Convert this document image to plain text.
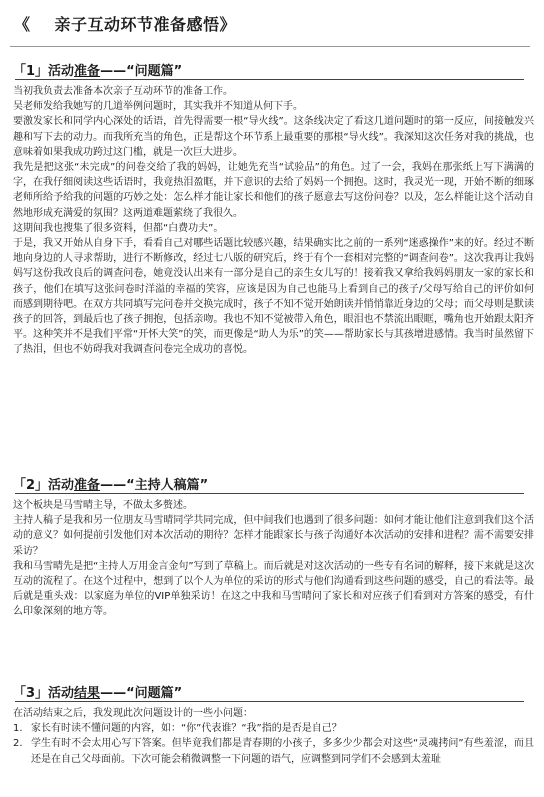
《 亲子互动环节准备感悟》
「1」活动准备——“问题篇”

当初我负责去准备本次亲子互动环节的准备工作。

吴老师发给我她写的几道举例问题时，其实我并不知道从何下手。

要激发家长和同学内心深处的话语，首先得需要一根“导火线”。这条线决定了看这几道问题时的第一反应，间接触发兴趣和写下去的动力。而我所充当的角色，正是帮这个环节系上最重要的那根“导火线”。我深知这次任务对我的挑战，也意味着如果我成功跨过这门槛，就是一次巨大进步。

我先是把这张“未完成”的问卷交给了我的妈妈，让她先充当“试验品”的角色。过了一会，我妈在那张纸上写下满满的字，在我仔细阅读这些话语时，我竟热泪盈眶，并下意识的去给了妈妈一个拥抱。这时，我灵光一现，开始不断的细琢老师所给予给我的问题的巧妙之处：怎么样才能让家长和他们的孩子愿意去写这份问卷？以及，怎么样能让这个活动自然地形成充满爱的氛围？这两道难题萦绕了我很久。

这期间我也搜集了很多资料，但都“白费功夫”。

于是，我又开始从自身下手，看看自己对哪些话题比较感兴趣，结果确实比之前的一系列“迷惑操作”来的好。经过不断地向身边的人寻求帮助，进行不断修改，经过七八版的研究后，终于有个一套相对完整的“调查问卷”。这次我再让我妈妈写这份我改良后的调查问卷，她竟没认出来有一部分是自己的亲生女儿写的！接着我又拿给我妈妈朋友一家的家长和孩子，他们在填写这张问卷时洋溢的幸福的笑容，应该是因为自己也能马上看到自己的孩子/父母写给自己的评价如何而感到期待吧。在双方共同填写完问卷并交换完成时，孩子不知不觉开始朗读并悄悄靠近身边的父母；而父母则是默读孩子的回答，到最后也了孩子拥抱，包括亲吻。我也不知不觉被带入角色，眼泪也不禁流出眼眶，嘴角也开始跟太阳齐平。这种笑并不是我们平常“开怀大笑”的笑，而更像是“助人为乐”的笑——帮助家长与其孩增进感情。我当时虽然留下了热泪，但也不妨碍我对我调查问卷完全成功的喜悦。

「2」活动准备——“主持人稿篇”

这个板块是马雪晴主导，不做太多赘述。

主持人稿子是我和另一位朋友马雪晴同学共同完成，但中间我们也遇到了很多问题：如何才能让他们注意到我们这个活动的意义？如何提前引发他们对本次活动的期待？怎样才能跟家长与孩子沟通好本次活动的安排和进程？需不需要安排采访？

我和马雪晴先是把“主持人万用金言金句”写到了草稿上。而后就是对这次活动的一些专有名词的解释，接下来就是这次互动的流程了。在这个过程中，想到了以个人为单位的采访的形式与他们沟通看到这些问题的感受，自己的看法等。最后就是重头戏：以家庭为单位的VIP单独采访！在这之中我和马雪晴问了家长和对应孩子们看到对方答案的感受，有什么印象深刻的地方等。

「3」活动结果——“问题篇”

在活动结束之后，我发现此次问题设计的一些小问题：

1. 家长有时读不懂问题的内容，如：“你”代表谁？“我”指的是否是自己？
2. 学生有时不会太用心写下答案。但毕竟我们都是青春期的小孩子，多多少少都会对这些“灵魂拷问”有些羞涩，而且还是在自己父母面前。下次可能会稍微调整一下问题的语气，应调整到同学们不会感到太羞耻
